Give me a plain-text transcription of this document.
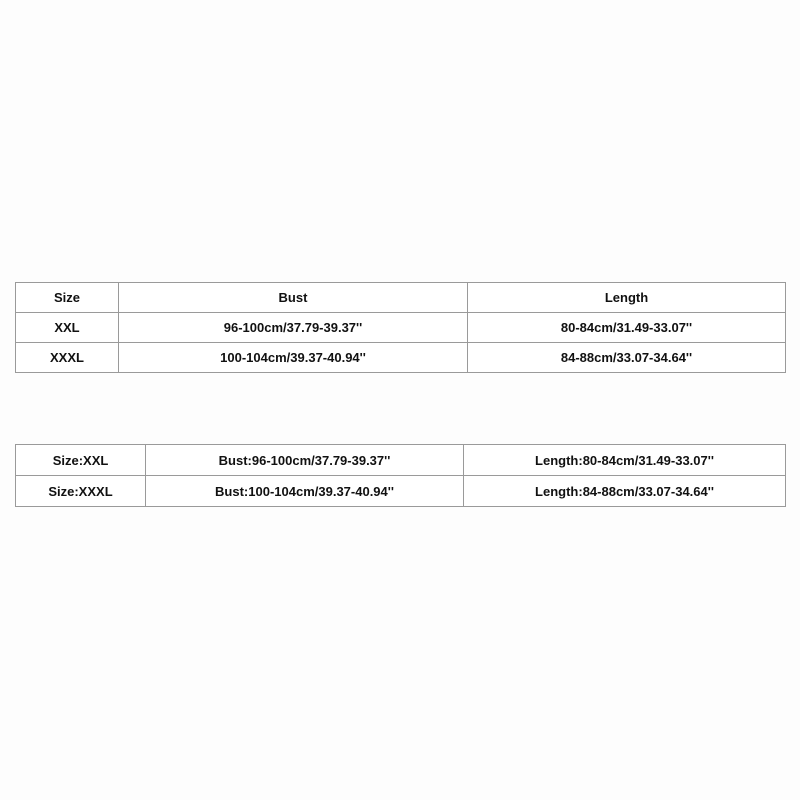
Size	Bust	Length
XXL	96-100cm/37.79-39.37''	80-84cm/31.49-33.07''
XXXL	100-104cm/39.37-40.94''	84-88cm/33.07-34.64''
Size:XXL	Bust:96-100cm/37.79-39.37''	Length:80-84cm/31.49-33.07''
Size:XXXL	Bust:100-104cm/39.37-40.94''	Length:84-88cm/33.07-34.64''
